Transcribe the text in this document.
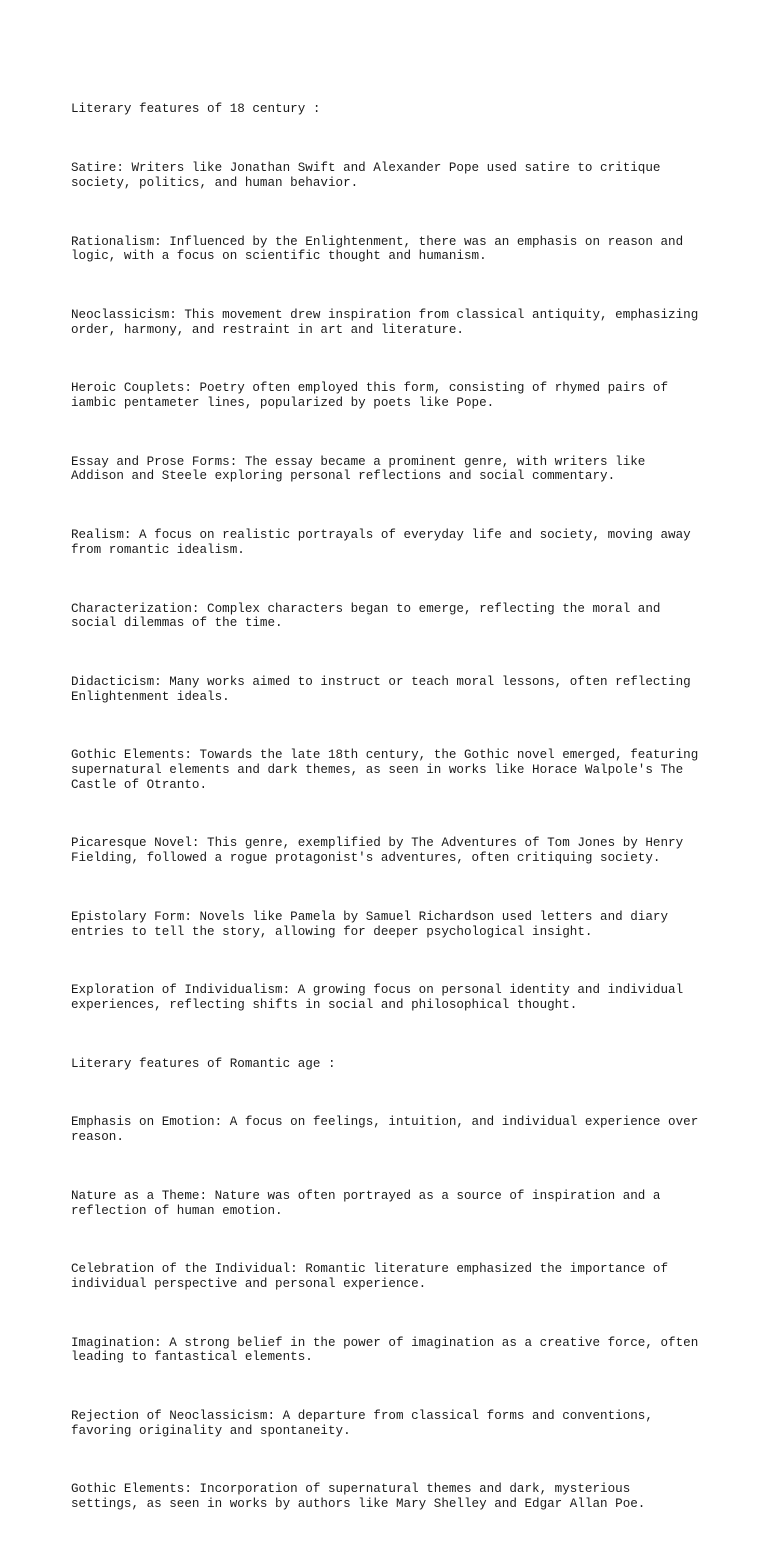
Literary features of 18 century :

Satire: Writers like Jonathan Swift and Alexander Pope used satire to critique
society, politics, and human behavior.

Rationalism: Influenced by the Enlightenment, there was an emphasis on reason and
logic, with a focus on scientific thought and humanism.

Neoclassicism: This movement drew inspiration from classical antiquity, emphasizing
order, harmony, and restraint in art and literature.

Heroic Couplets: Poetry often employed this form, consisting of rhymed pairs of
iambic pentameter lines, popularized by poets like Pope.

Essay and Prose Forms: The essay became a prominent genre, with writers like
Addison and Steele exploring personal reflections and social commentary.

Realism: A focus on realistic portrayals of everyday life and society, moving away
from romantic idealism.

Characterization: Complex characters began to emerge, reflecting the moral and
social dilemmas of the time.

Didacticism: Many works aimed to instruct or teach moral lessons, often reflecting
Enlightenment ideals.

Gothic Elements: Towards the late 18th century, the Gothic novel emerged, featuring
supernatural elements and dark themes, as seen in works like Horace Walpole's The
Castle of Otranto.

Picaresque Novel: This genre, exemplified by The Adventures of Tom Jones by Henry
Fielding, followed a rogue protagonist's adventures, often critiquing society.

Epistolary Form: Novels like Pamela by Samuel Richardson used letters and diary
entries to tell the story, allowing for deeper psychological insight.

Exploration of Individualism: A growing focus on personal identity and individual
experiences, reflecting shifts in social and philosophical thought.

Literary features of Romantic age :

Emphasis on Emotion: A focus on feelings, intuition, and individual experience over
reason.

Nature as a Theme: Nature was often portrayed as a source of inspiration and a
reflection of human emotion.

Celebration of the Individual: Romantic literature emphasized the importance of
individual perspective and personal experience.

Imagination: A strong belief in the power of imagination as a creative force, often
leading to fantastical elements.

Rejection of Neoclassicism: A departure from classical forms and conventions,
favoring originality and spontaneity.

Gothic Elements: Incorporation of supernatural themes and dark, mysterious
settings, as seen in works by authors like Mary Shelley and Edgar Allan Poe.
